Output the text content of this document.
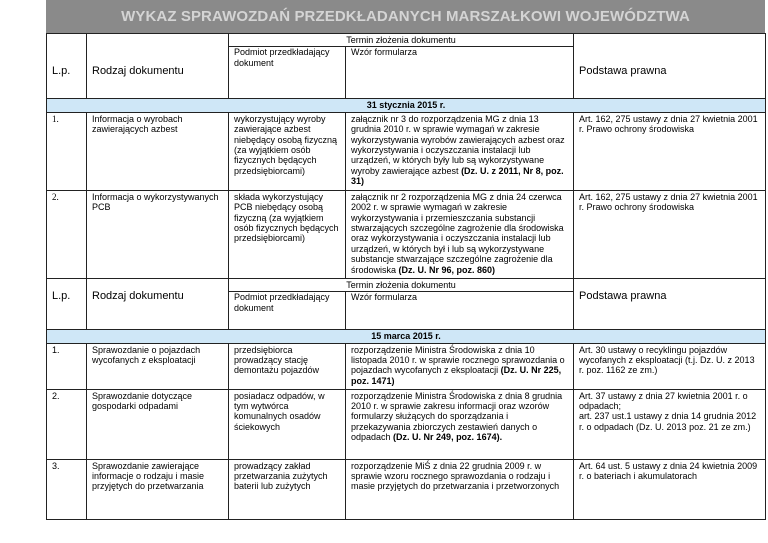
WYKAZ SPRAWOZDAŃ PRZEDKŁADANYCH MARSZAŁKOWI WOJEWÓDZTWA
L.p.	Rodzaj dokumentu	Termin złożenia dokumentu		Podstawa prawna
		Podmiot przedkładający dokument	Wzór formularza	
31 stycznia 2015 r.				
1.	Informacja o wyrobach zawierających azbest	wykorzystujący wyroby zawierające azbest niebędący osobą fizyczną (za wyjątkiem osób fizycznych będących przedsiębiorcami)	załącznik nr 3 do rozporządzenia MG z dnia 13 grudnia 2010 r. w sprawie wymagań w zakresie wykorzystywania wyrobów zawierających azbest oraz wykorzystywania i oczyszczania instalacji lub urządzeń, w których były lub są wykorzystywane wyroby zawierające azbest (Dz. U. z 2011, Nr 8, poz. 31)	Art. 162, 275 ustawy z dnia 27 kwietnia 2001 r. Prawo ochrony środowiska
2.	Informacja o wykorzystywanych PCB	składa wykorzystujący PCB niebędący osobą fizyczną (za wyjątkiem osób fizycznych będących przedsiębiorcami)	załącznik nr 2 rozporządzenia MG z dnia 24 czerwca 2002 r. w sprawie wymagań w zakresie wykorzystywania i przemieszczania substancji stwarzających szczególne zagrożenie dla środowiska oraz wykorzystywania i oczyszczania instalacji lub urządzeń, w których był i lub są wykorzystywane substancje stwarzające szczególne zagrożenie dla środowiska (Dz. U. Nr 96, poz. 860)	Art. 162, 275 ustawy z dnia 27 kwietnia 2001 r. Prawo ochrony środowiska
L.p.	Rodzaj dokumentu	Termin złożenia dokumentu		Podstawa prawna
		Podmiot przedkładający dokument	Wzór formularza	
15 marca 2015 r.				
1.	Sprawozdanie o pojazdach wycofanych z eksploatacji	przedsiębiorca prowadzący stację demontażu pojazdów	rozporządzenie Ministra Środowiska z dnia 10 listopada 2010 r. w sprawie rocznego sprawozdania o pojazdach wycofanych z eksploatacji (Dz. U. Nr 225, poz. 1471)	Art. 30 ustawy o recyklingu pojazdów wycofanych z eksploatacji (t.j. Dz. U. z 2013 r. poz. 1162 ze zm.)
2.	Sprawozdanie dotyczące gospodarki odpadami	posiadacz odpadów, w tym wytwórca komunalnych osadów ściekowych	rozporządzenie Ministra Środowiska z dnia 8 grudnia 2010 r. w sprawie zakresu informacji oraz wzorów formularzy służących do sporządzania i przekazywania zbiorczych zestawień danych o odpadach (Dz. U. Nr 249, poz. 1674).	Art. 37 ustawy z dnia 27 kwietnia 2001 r. o odpadach;
art. 237 ust.1 ustawy z dnia 14 grudnia 2012 r. o odpadach (Dz. U. 2013 poz. 21 ze zm.)
3.	Sprawozdanie zawierające informacje o rodzaju i masie przyjętych do przetwarzania	prowadzący zakład przetwarzania zużytych baterii lub zużytych	rozporządzenie MiŚ z dnia 22 grudnia 2009 r. w sprawie wzoru rocznego sprawozdania o rodzaju i masie przyjętych do przetwarzania i przetworzonych	Art. 64 ust. 5 ustawy z dnia 24 kwietnia 2009 r. o bateriach i akumulatorach
